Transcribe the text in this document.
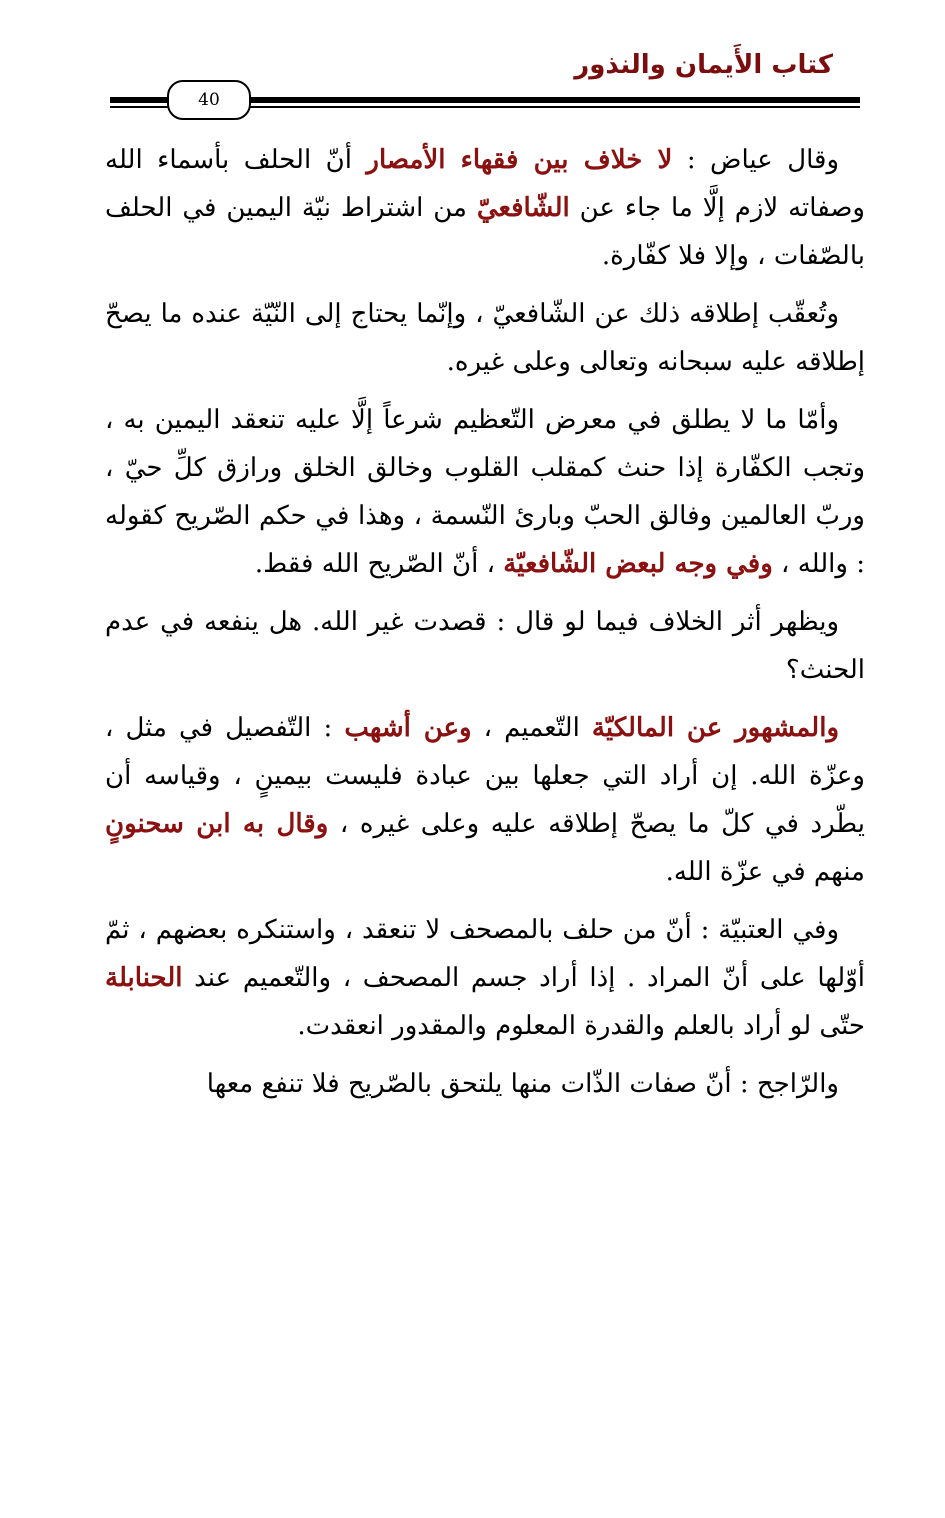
كتاب الأَيمان والنذور
40

وقال عياض : لا خلاف بين فقهاء الأمصار أنّ الحلف بأسماء الله وصفاته لازم إلَّا ما جاء عن الشّافعيّ من اشتراط نيّة اليمين في الحلف بالصّفات ، وإلا فلا كفّارة.

وتُعقّب إطلاقه ذلك عن الشّافعيّ ، وإنّما يحتاج إلى النّيّة عنده ما يصحّ إطلاقه عليه سبحانه وتعالى وعلى غيره.

وأمّا ما لا يطلق في معرض التّعظيم شرعاً إلَّا عليه تنعقد اليمين به ، وتجب الكفّارة إذا حنث كمقلب القلوب وخالق الخلق ورازق كلِّ حيّ ، وربّ العالمين وفالق الحبّ وبارئ النّسمة ، وهذا في حكم الصّريح كقوله : والله ، وفي وجه لبعض الشّافعيّة ، أنّ الصّريح الله فقط.

ويظهر أثر الخلاف فيما لو قال : قصدت غير الله. هل ينفعه في عدم الحنث؟

والمشهور عن المالكيّة التّعميم ، وعن أشهب : التّفصيل في مثل ، وعزّة الله. إن أراد التي جعلها بين عبادة فليست بيمينٍ ، وقياسه أن يطّرد في كلّ ما يصحّ إطلاقه عليه وعلى غيره ، وقال به ابن سحنونٍ منهم في عزّة الله.

وفي العتبيّة : أنّ من حلف بالمصحف لا تنعقد ، واستنكره بعضهم ، ثمّ أوّلها على أنّ المراد . إذا أراد جسم المصحف ، والتّعميم عند الحنابلة حتّى لو أراد بالعلم والقدرة المعلوم والمقدور انعقدت.

والرّاجح : أنّ صفات الذّات منها يلتحق بالصّريح فلا تنفع معها
